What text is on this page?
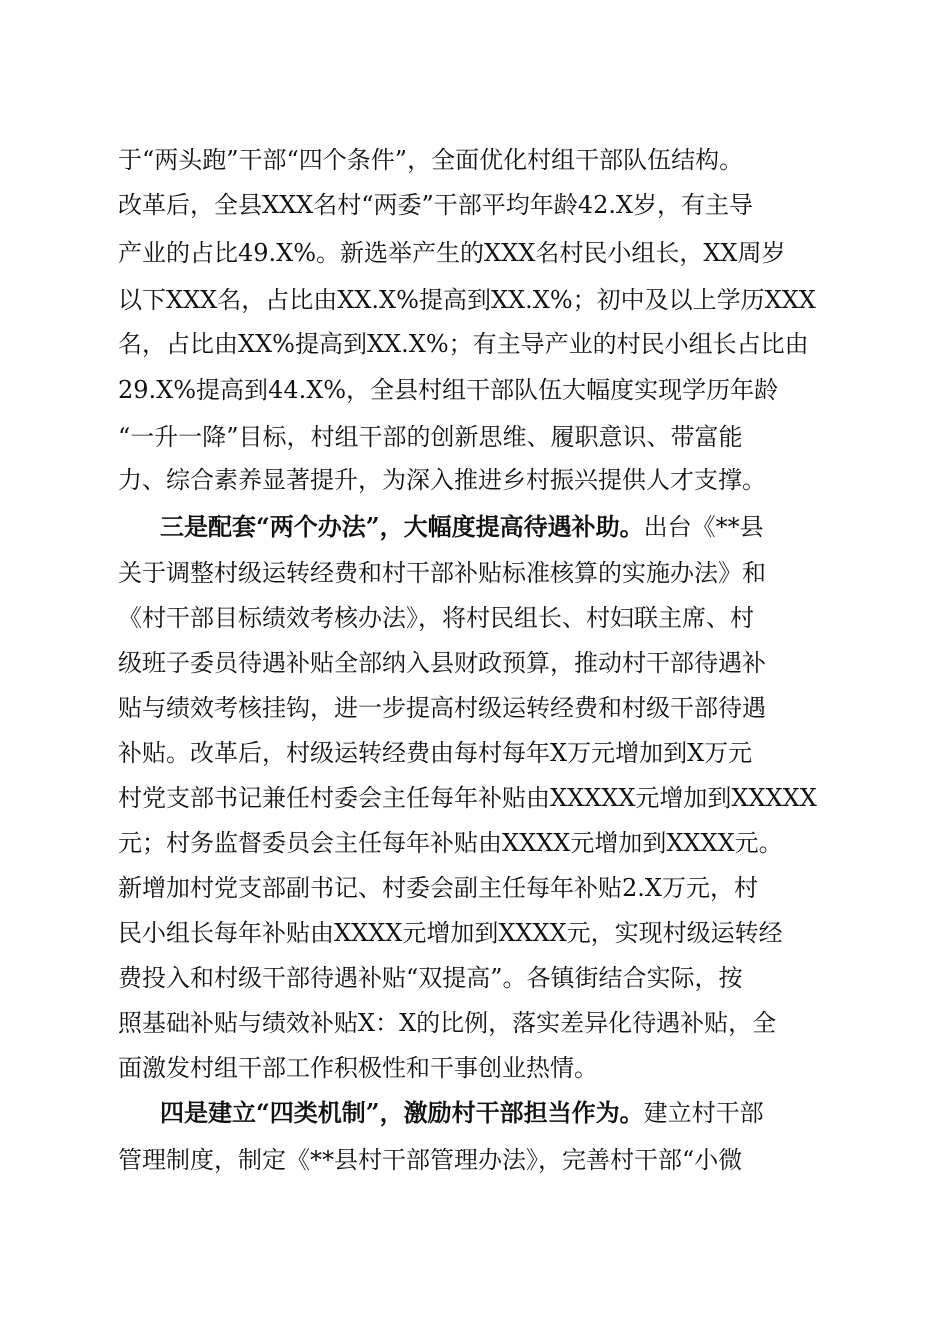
于“两头跑”干部“四个条件”，全面优化村组干部队伍结构。
改革后，全县XXX名村“两委”干部平均年龄42.X岁，有主导
产业的占比49.X%。新选举产生的XXX名村民小组长，XX周岁
以下XXX名，占比由XX.X%提高到XX.X%；初中及以上学历XXX
名，占比由XX%提高到XX.X%；有主导产业的村民小组长占比由
29.X%提高到44.X%，全县村组干部队伍大幅度实现学历年龄
“一升一降”目标，村组干部的创新思维、履职意识、带富能
力、综合素养显著提升，为深入推进乡村振兴提供人才支撑。
三是配套“两个办法”，大幅度提高待遇补助。出台《**县
关于调整村级运转经费和村干部补贴标准核算的实施办法》和
《村干部目标绩效考核办法》，将村民组长、村妇联主席、村
级班子委员待遇补贴全部纳入县财政预算，推动村干部待遇补
贴与绩效考核挂钩，进一步提高村级运转经费和村级干部待遇
补贴。改革后，村级运转经费由每村每年X万元增加到X万元
村党支部书记兼任村委会主任每年补贴由XXXXX元增加到XXXXX
元；村务监督委员会主任每年补贴由XXXX元增加到XXXX元。
新增加村党支部副书记、村委会副主任每年补贴2.X万元，村
民小组长每年补贴由XXXX元增加到XXXX元，实现村级运转经
费投入和村级干部待遇补贴“双提高”。各镇街结合实际，按
照基础补贴与绩效补贴X：X的比例，落实差异化待遇补贴，全
面激发村组干部工作积极性和干事创业热情。
四是建立“四类机制”，激励村干部担当作为。建立村干部
管理制度，制定《**县村干部管理办法》，完善村干部“小微
